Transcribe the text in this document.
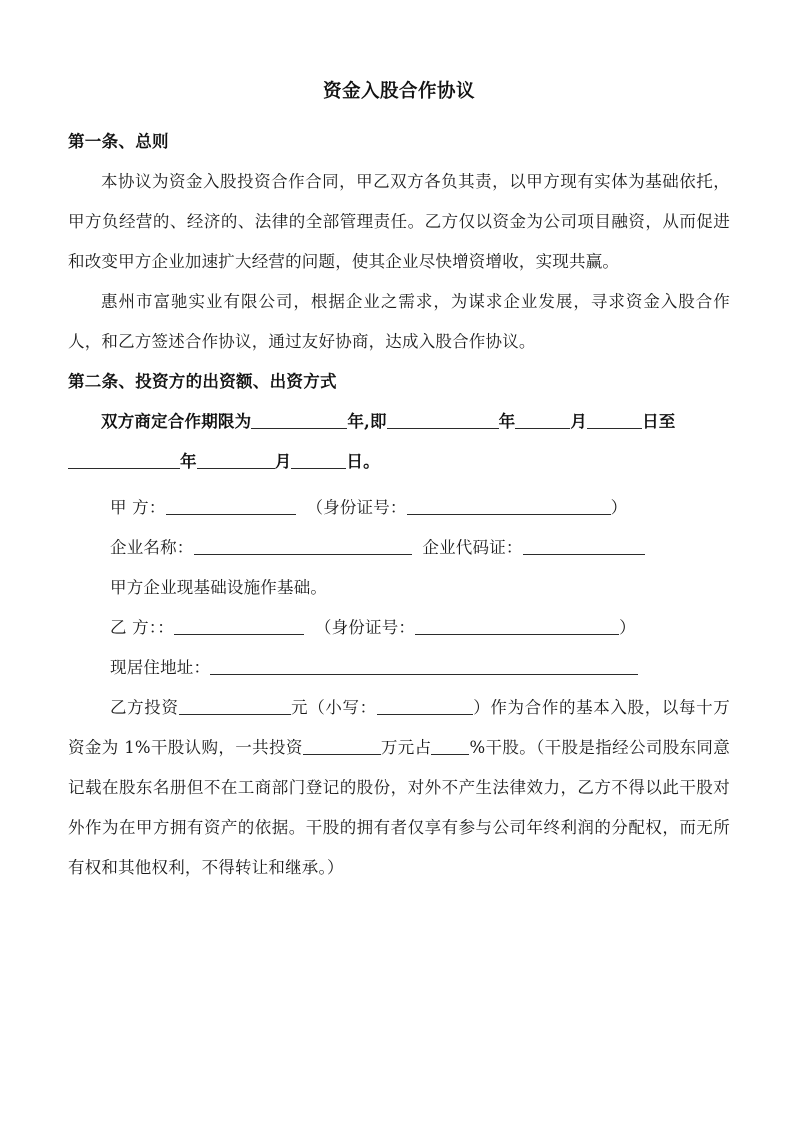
资金入股合作协议
第一条、总则

本协议为资金入股投资合作合同，甲乙双方各负其责，以甲方现有实体为基础依托，甲方负经营的、经济的、法律的全部管理责任。乙方仅以资金为公司项目融资，从而促进和改变甲方企业加速扩大经营的问题，使其企业尽快增资增收，实现共赢。

惠州市富驰实业有限公司，根据企业之需求，为谋求企业发展，寻求资金入股合作人，和乙方签述合作协议，通过友好协商，达成入股合作协议。

第二条、投资方的出资额、出资方式

双方商定合作期限为	年,即	年	月	日至年	月	日。

甲 方：	（身份证号：	）

企业名称：	企业代码证：

甲方企业现基础设施作基础。

乙 方：：	（身份证号：	）

现居住地址：

乙方投资	元（小写：	）作为合作的基本入股，以每十万资金为 1%干股认购，一共投资	万元占 %干股。（干股是指经公司股东同意记载在股东名册但不在工商部门登记的股份，对外不产生法律效力，乙方不得以此干股对外作为在甲方拥有资产的依据。干股的拥有者仅享有参与公司年终利润的分配权，而无所有权和其他权利，不得转让和继承。）
